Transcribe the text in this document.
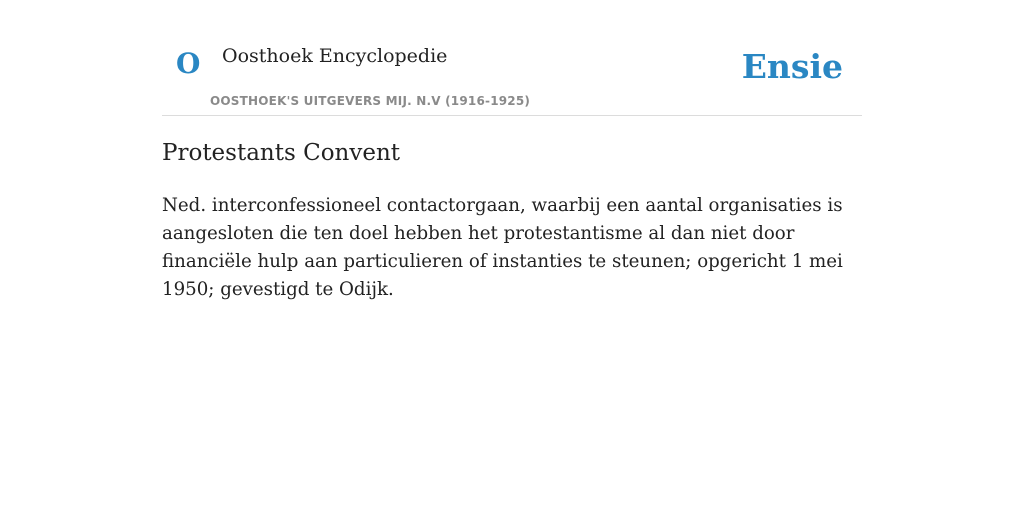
O Oosthoek Encyclopedie
OOSTHOEK'S UITGEVERS MIJ. N.V (1916-1925)
Ensie
Protestants Convent

Ned. interconfessioneel contactorgaan, waarbij een aantal organisaties is aangesloten die ten doel hebben het protestantisme al dan niet door financiële hulp aan particulieren of instanties te steunen; opgericht 1 mei 1950; gevestigd te Odijk.
